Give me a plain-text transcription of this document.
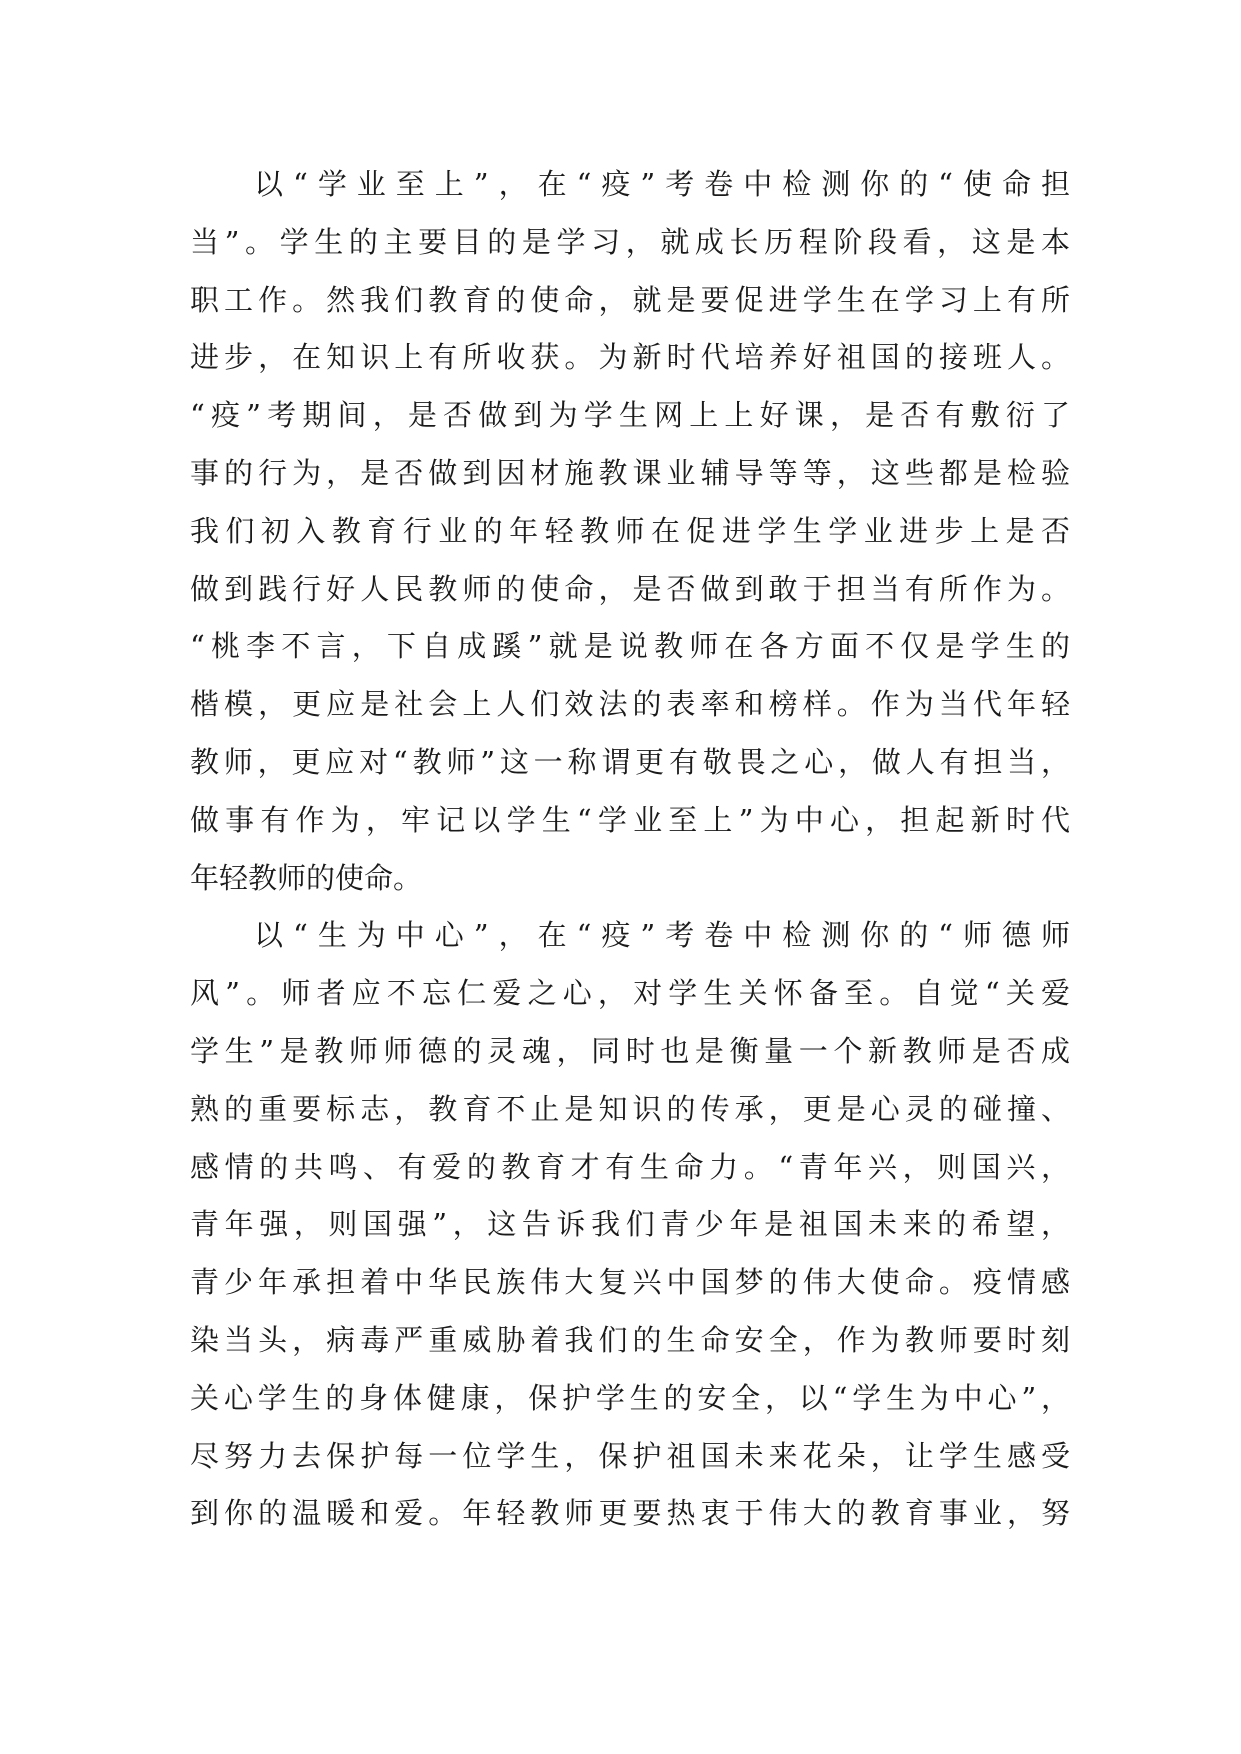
以“学业至上”，在“疫”考卷中检测你的“使命担
当”。学生的主要目的是学习，就成长历程阶段看，这是本
职工作。然我们教育的使命，就是要促进学生在学习上有所
进步，在知识上有所收获。为新时代培养好祖国的接班人。
“疫”考期间，是否做到为学生网上上好课，是否有敷衍了
事的行为，是否做到因材施教课业辅导等等，这些都是检验
我们初入教育行业的年轻教师在促进学生学业进步上是否
做到践行好人民教师的使命，是否做到敢于担当有所作为。
“桃李不言，下自成蹊”就是说教师在各方面不仅是学生的
楷模，更应是社会上人们效法的表率和榜样。作为当代年轻
教师，更应对“教师”这一称谓更有敬畏之心，做人有担当，
做事有作为，牢记以学生“学业至上”为中心，担起新时代
年轻教师的使命。
以“生为中心”，在“疫”考卷中检测你的“师德师
风”。师者应不忘仁爱之心，对学生关怀备至。自觉“关爱
学生”是教师师德的灵魂，同时也是衡量一个新教师是否成
熟的重要标志，教育不止是知识的传承，更是心灵的碰撞、
感情的共鸣、有爱的教育才有生命力。“青年兴，则国兴，
青年强，则国强”，这告诉我们青少年是祖国未来的希望，
青少年承担着中华民族伟大复兴中国梦的伟大使命。疫情感
染当头，病毒严重威胁着我们的生命安全，作为教师要时刻
关心学生的身体健康，保护学生的安全，以“学生为中心”，
尽努力去保护每一位学生，保护祖国未来花朵，让学生感受
到你的温暖和爱。年轻教师更要热衷于伟大的教育事业，努
